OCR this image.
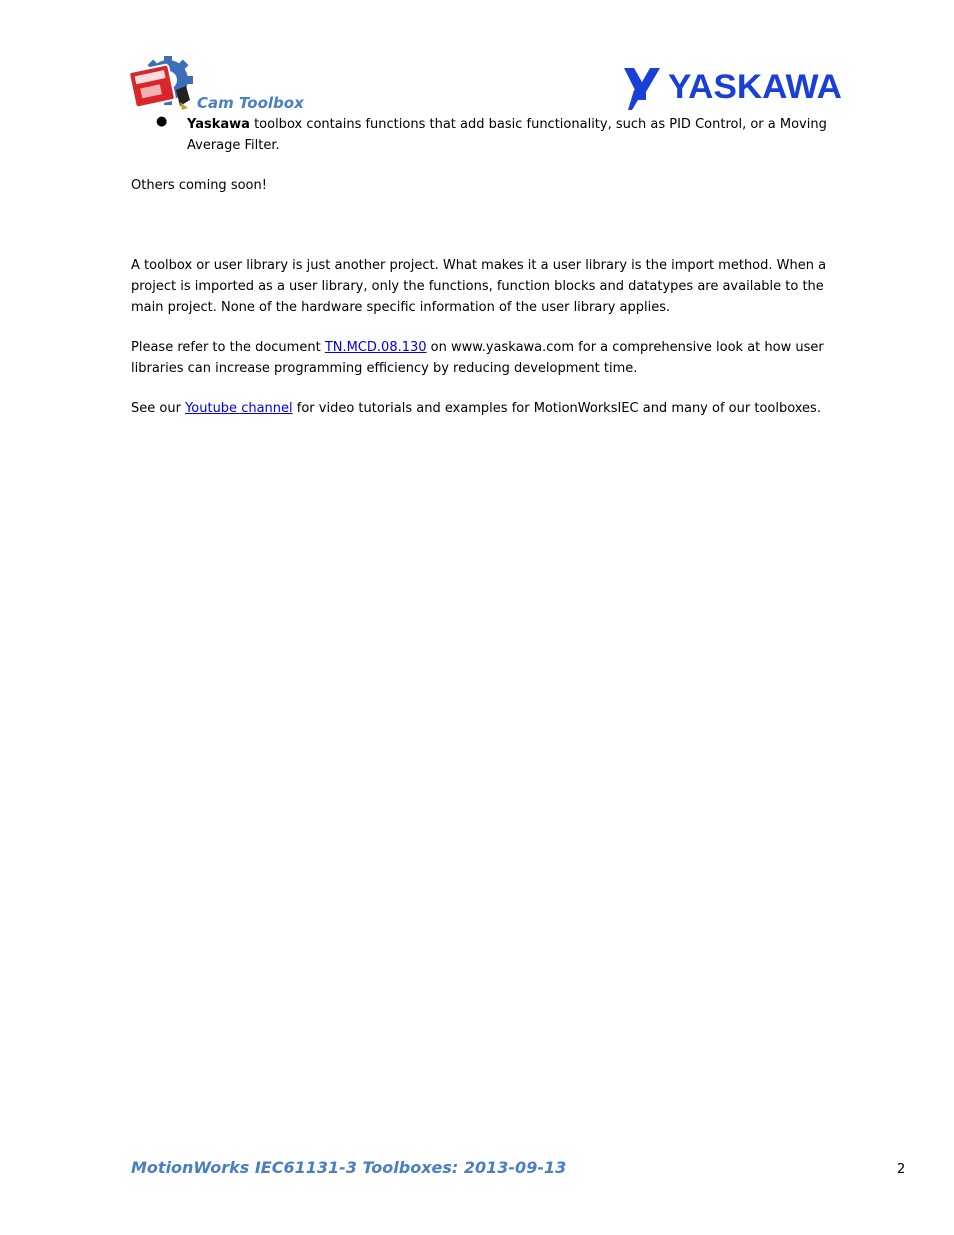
Cam Toolbox	YASKAWA
● Yaskawa toolbox contains functions that add basic functionality, such as PID Control, or a Moving Average Filter.
Others coming soon!
A toolbox or user library is just another project. What makes it a user library is the import method. When a project is imported as a user library, only the functions, function blocks and datatypes are available to the main project. None of the hardware specific information of the user library applies.
Please refer to the document TN.MCD.08.130 on www.yaskawa.com for a comprehensive look at how user libraries can increase programming efficiency by reducing development time.
See our Youtube channel for video tutorials and examples for MotionWorksIEC and many of our toolboxes.
MotionWorks IEC61131-3 Toolboxes: 2013-09-13	2
